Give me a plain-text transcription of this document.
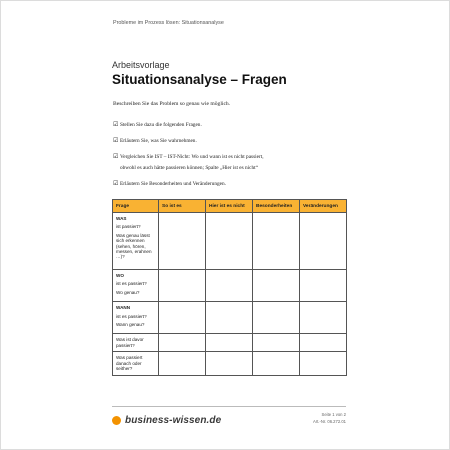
Probleme im Prozess lösen: Situationsanalyse
Arbeitsvorlage
Situationsanalyse – Fragen
Beschreiben Sie das Problem so genau wie möglich.
☑ Stellen Sie dazu die folgenden Fragen.
☑ Erläutern Sie, was Sie wahrnehmen.
☑ Vergleichen Sie IST – IST-Nicht: Wo und wann ist es nicht passiert,
obwohl es auch hätte passieren können; Spalte „Hier ist es nicht“
☑ Erläutern Sie Besonderheiten und Veränderungen.
Frage	So ist es	Hier ist es nicht	Besonderheiten	Veränderungen

WAS
ist passiert?
Was genau lässt sich erkennen (sehen, hören, messen, erahnen …)?				

WO
ist es passiert?
Wo genau?				

WANN
ist es passiert?
Wann genau?				

Was ist davor passiert?				

Was passiert danach oder seither?				

business-wissen.de
Seite 1 von 2
Art.-Nr. 06.272.01
